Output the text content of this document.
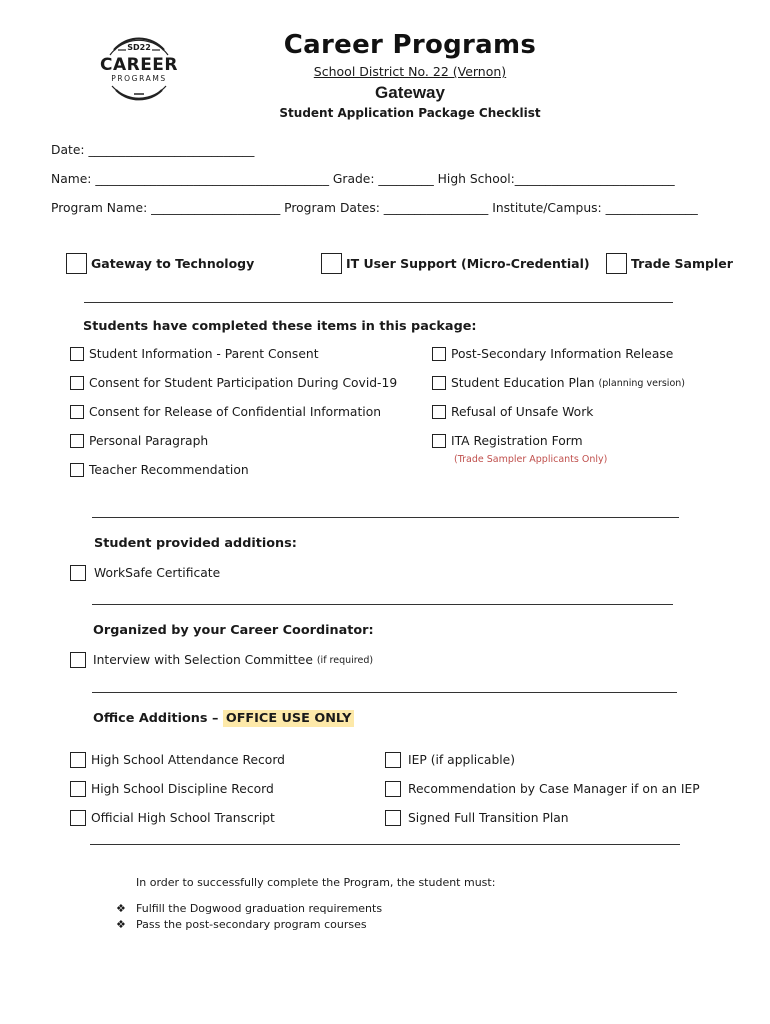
SD22
CAREER
PROGRAMS
Career Programs
School District No. 22 (Vernon)
Gateway
Student Application Package Checklist
Date: ___________________________
Name: ______________________________________ Grade: _________ High School:__________________________
Program Name: _____________________ Program Dates: _________________ Institute/Campus: _______________
Gateway to Technology	IT User Support (Micro-Credential)	Trade Sampler
Students have completed these items in this package:
Student Information - Parent Consent
Consent for Student Participation During Covid-19
Consent for Release of Confidential Information
Personal Paragraph
Teacher Recommendation
Post-Secondary Information Release
Student Education Plan
(planning version)
Refusal of Unsafe Work
ITA Registration Form
(Trade Sampler Applicants Only)
Student provided additions:
WorkSafe Certificate
Organized by your Career Coordinator:
Interview with Selection Committee
(if required)
Office Additions – OFFICE USE ONLY
High School Attendance Record
High School Discipline Record
Official High School Transcript
IEP (if applicable)
Recommendation by Case Manager if on an IEP
Signed Full Transition Plan
In order to successfully complete the Program, the student must:
❖ Fulfill the Dogwood graduation requirements
❖ Pass the post-secondary program courses
